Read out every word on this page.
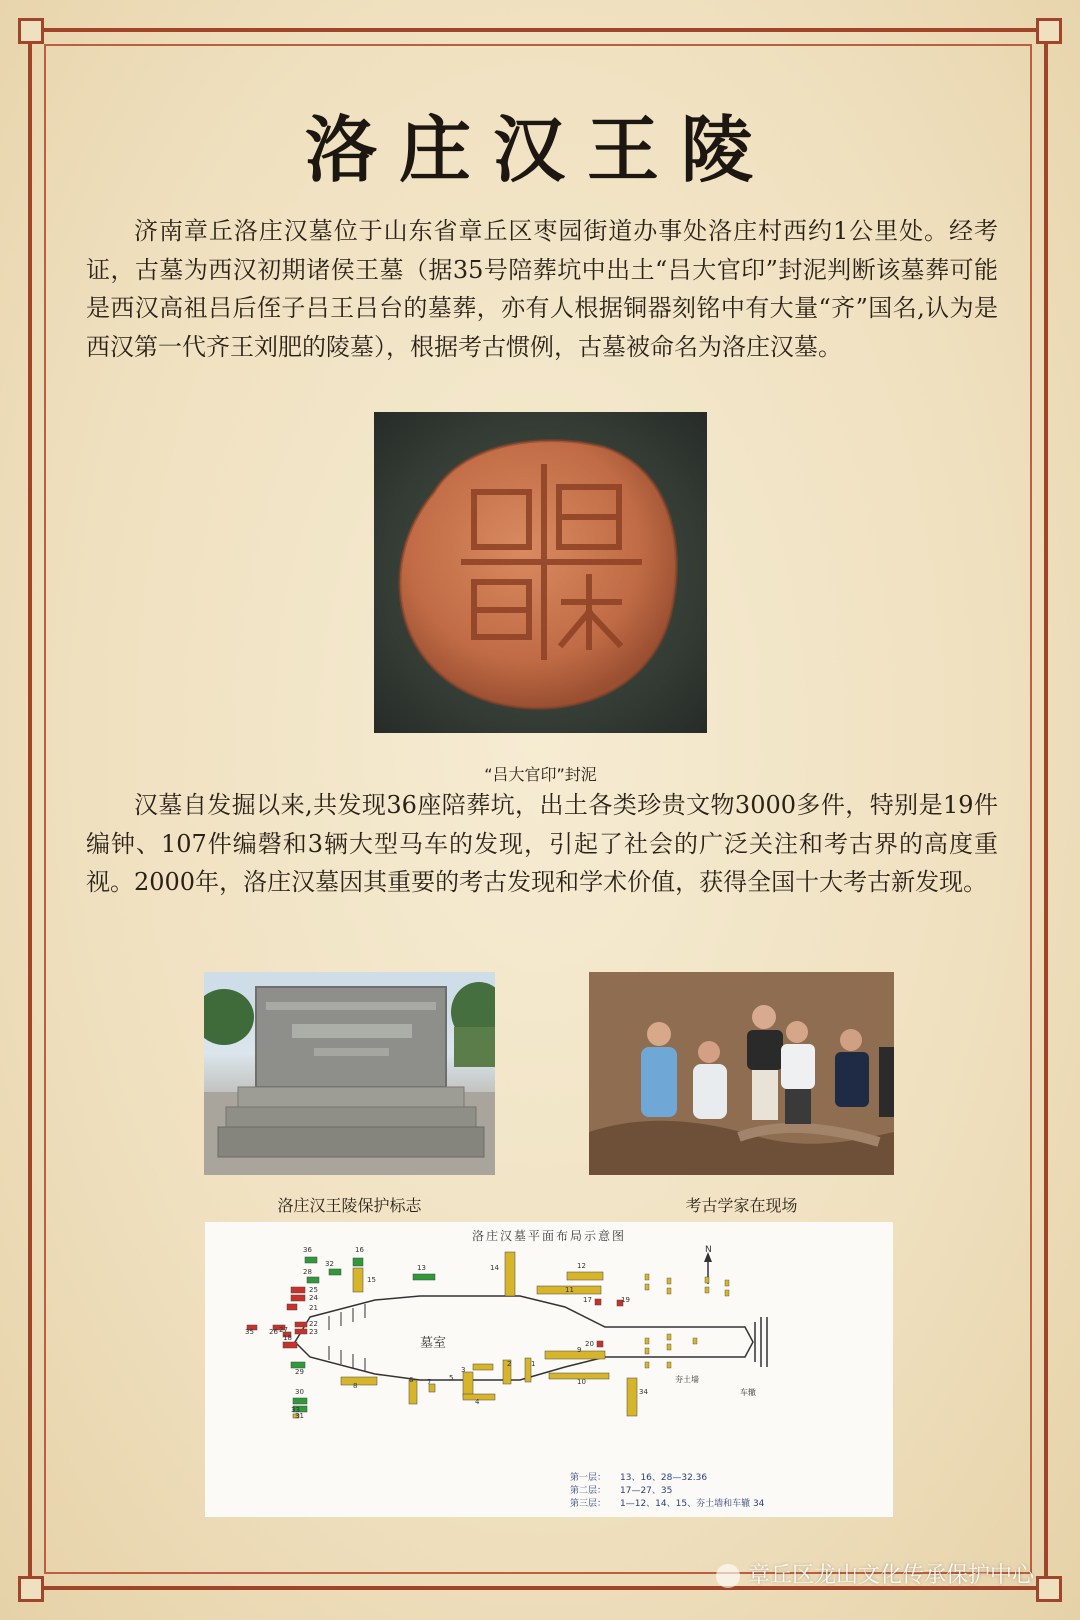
洛庄汉王陵

济南章丘洛庄汉墓位于山东省章丘区枣园街道办事处洛庄村西约1公里处。经考证，古墓为西汉初期诸侯王墓（据35号陪葬坑中出土“吕大官印”封泥判断该墓葬可能是西汉高祖吕后侄子吕王吕台的墓葬，亦有人根据铜器刻铭中有大量“齐”国名,认为是西汉第一代齐王刘肥的陵墓），根据考古惯例，古墓被命名为洛庄汉墓。

“吕大官印”封泥

汉墓自发掘以来,共发现36座陪葬坑，出土各类珍贵文物3000多件，特别是19件编钟、107件编磬和3辆大型马车的发现，引起了社会的广泛关注和考古界的高度重视。2000年，洛庄汉墓因其重要的考古发现和学术价值，获得全国十大考古新发现。

洛庄汉王陵保护标志	考古学家在现场
洛庄汉墓平面布局示意图
N
墓室
车辙
夯土墙
36	16
32
15
13	14	12
11
17	19
28
25
24
21
35 26
22
23
20
3
5
2	1
10
9
8
6 7
4
29
30
31
18
33
34
27
第一层： 13、16、28—32.36
第二层： 17—27、35
第三层： 1—12、14、15、夯土墙和车辙 34
章丘区龙山文化传承保护中心
